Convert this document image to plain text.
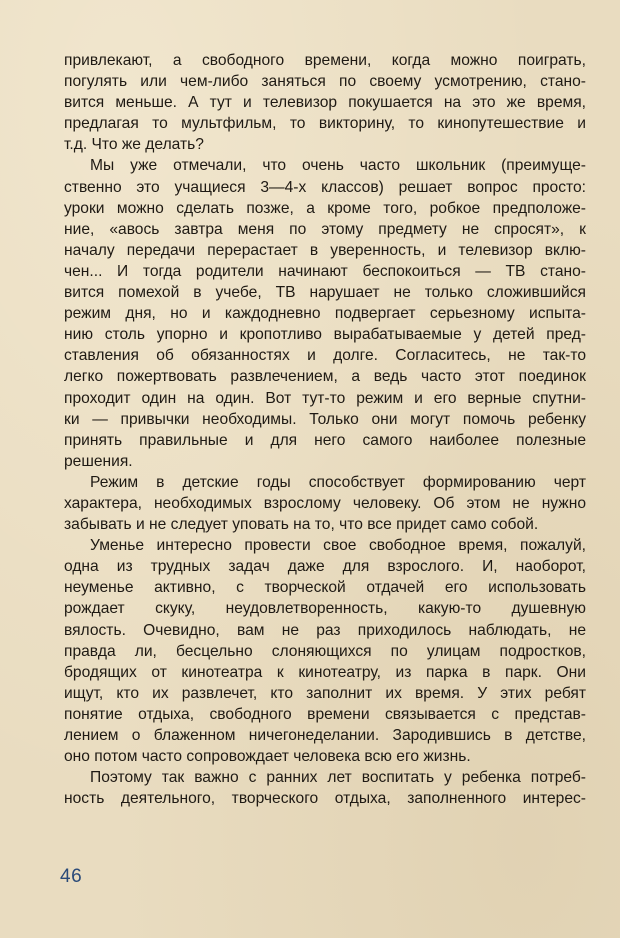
привлекают, а свободного времени, когда можно поиграть,
погулять или чем-либо заняться по своему усмотрению, стано-
вится меньше. А тут и телевизор покушается на это же время,
предлагая то мультфильм, то викторину, то кинопутешествие и
т.д. Что же делать?
Мы уже отмечали, что очень часто школьник (преимуще-
ственно это учащиеся 3—4-х классов) решает вопрос просто:
уроки можно сделать позже, а кроме того, робкое предположе-
ние, «авось завтра меня по этому предмету не спросят», к
началу передачи перерастает в уверенность, и телевизор вклю-
чен... И тогда родители начинают беспокоиться — ТВ стано-
вится помехой в учебе, ТВ нарушает не только сложившийся
режим дня, но и каждодневно подвергает серьезному испыта-
нию столь упорно и кропотливо вырабатываемые у детей пред-
ставления об обязанностях и долге. Согласитесь, не так-то
легко пожертвовать развлечением, а ведь часто этот поединок
проходит один на один. Вот тут-то режим и его верные спутни-
ки — привычки необходимы. Только они могут помочь ребенку
принять правильные и для него самого наиболее полезные
решения.
Режим в детские годы способствует формированию черт
характера, необходимых взрослому человеку. Об этом не нужно
забывать и не следует уповать на то, что все придет само собой.
Уменье интересно провести свое свободное время, пожалуй,
одна из трудных задач даже для взрослого. И, наоборот,
неуменье активно, с творческой отдачей его использовать
рождает скуку, неудовлетворенность, какую-то душевную
вялость. Очевидно, вам не раз приходилось наблюдать, не
правда ли, бесцельно слоняющихся по улицам подростков,
бродящих от кинотеатра к кинотеатру, из парка в парк. Они
ищут, кто их развлечет, кто заполнит их время. У этих ребят
понятие отдыха, свободного времени связывается с представ-
лением о блаженном ничегонеделании. Зародившись в детстве,
оно потом часто сопровождает человека всю его жизнь.
Поэтому так важно с ранних лет воспитать у ребенка потреб-
ность деятельного, творческого отдыха, заполненного интерес-
46
